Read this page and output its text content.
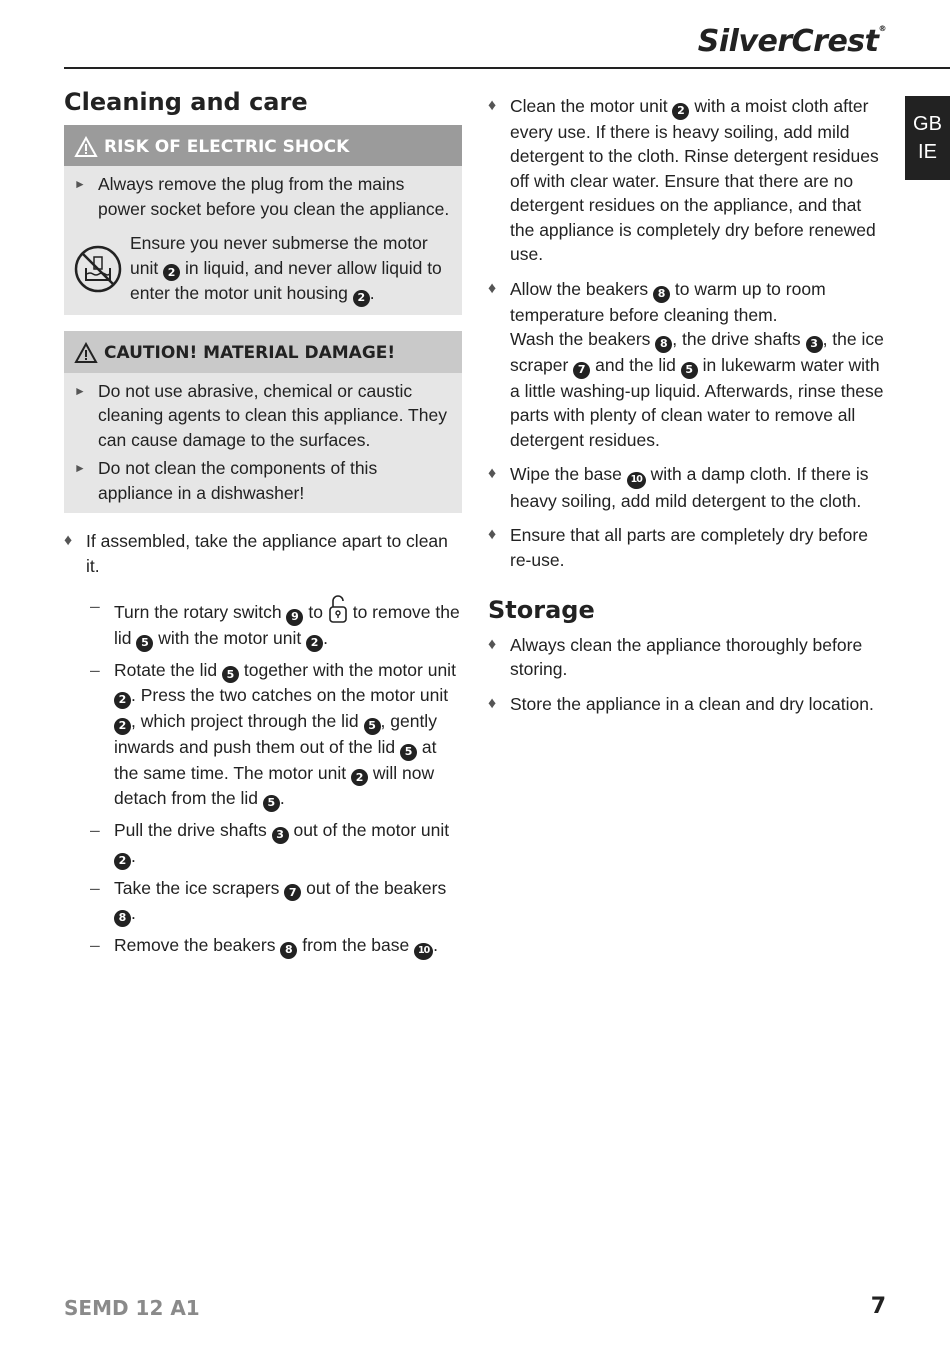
SilverCrest®
GB
IE
Cleaning and care
RISK OF ELECTRIC SHOCK
► Always remove the plug from the mains power socket before you clean the appliance.
Ensure you never submerse the motor unit 2 in liquid, and never allow liquid to enter the motor unit housing 2 .
CAUTION! MATERIAL DAMAGE!
► Do not use abrasive, chemical or caustic cleaning agents to clean this appliance. They can cause damage to the surfaces.
► Do not clean the components of this appliance in a dishwasher!
♦ If assembled, take the appliance apart to clean it.
– Turn the rotary switch 9 to to remove the lid 5 with the motor unit 2 .
– Rotate the lid 5 together with the motor unit 2 . Press the two catches on the motor unit 2 , which project through the lid 5 , gently inwards and push them out of the lid 5 at the same time. The motor unit 2 will now detach from the lid 5 .
– Pull the drive shafts 3 out of the motor unit 2 .
– Take the ice scrapers 7 out of the beakers 8 .
– Remove the beakers 8 from the base 10 .
♦ Clean the motor unit 2 with a moist cloth after every use. If there is heavy soiling, add mild detergent to the cloth. Rinse detergent residues off with clear water. Ensure that there are no detergent residues on the appliance, and that the appliance is completely dry before renewed use.
♦ Allow the beakers 8 to warm up to room temperature before cleaning them.
Wash the beakers 8 , the drive shafts 3 , the ice scraper 7 and the lid 5 in lukewarm water with a little washing-up liquid. Afterwards, rinse these parts with plenty of clean water to remove all detergent residues.
♦ Wipe the base 10 with a damp cloth. If there is heavy soiling, add mild detergent to the cloth.
♦ Ensure that all parts are completely dry before re-use.
Storage
♦ Always clean the appliance thoroughly before storing.
♦ Store the appliance in a clean and dry location.
SEMD 12 A1	7
